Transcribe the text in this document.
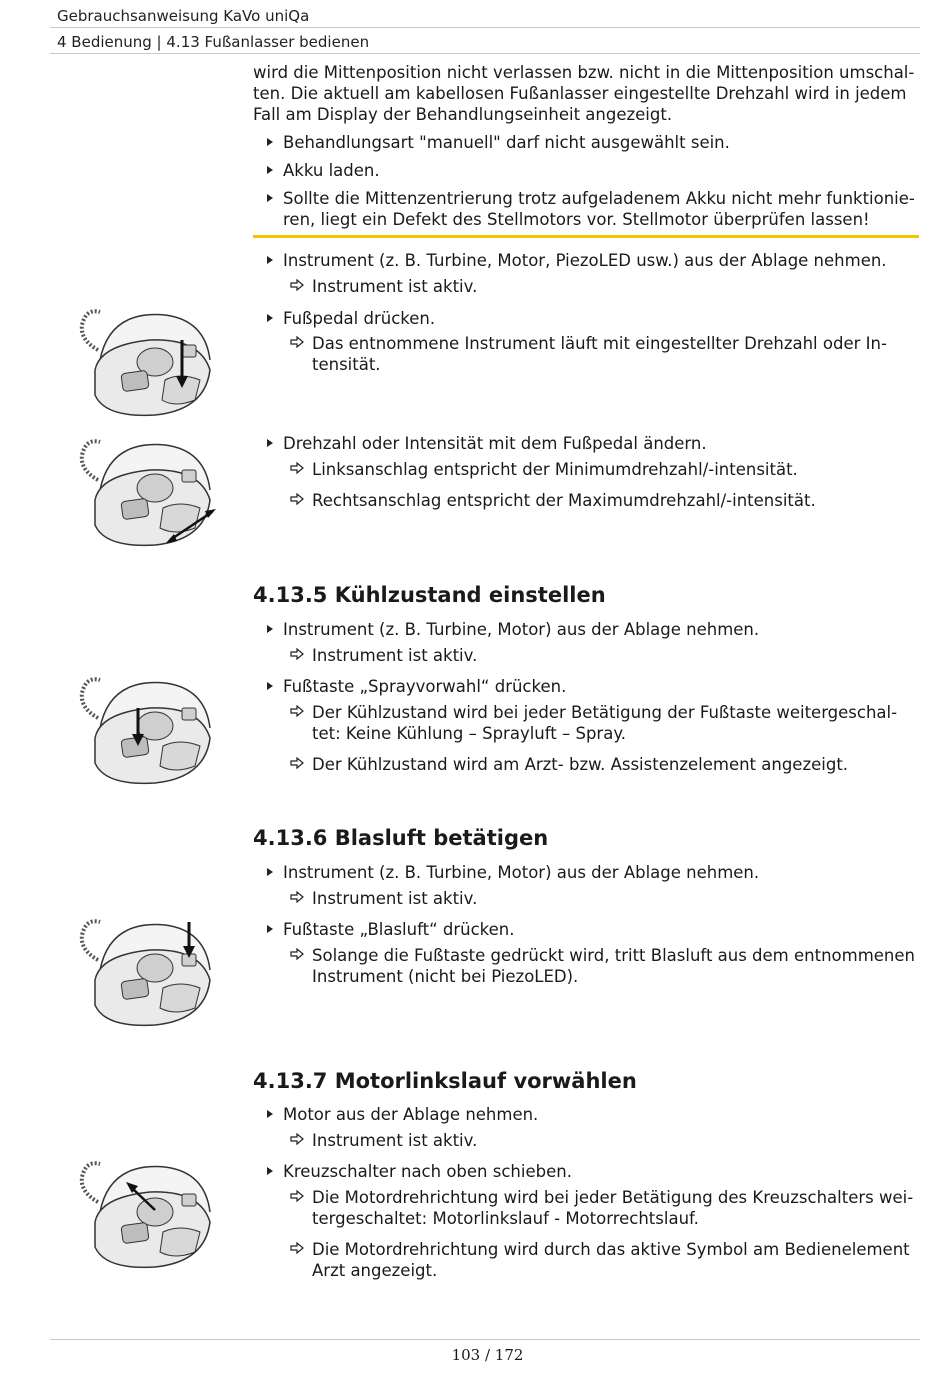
Gebrauchsanweisung KaVo uniQa
4 Bedienung | 4.13 Fußanlasser bedienen

wird die Mittenposition nicht verlassen bzw. nicht in die Mittenposition umschalten. Die aktuell am kabellosen Fußanlasser eingestellte Drehzahl wird in jedem Fall am Display der Behandlungseinheit angezeigt.

Behandlungsart "manuell" darf nicht ausgewählt sein.
Akku laden.
Sollte die Mittenzentrierung trotz aufgeladenem Akku nicht mehr funktionieren, liegt ein Defekt des Stellmotors vor. Stellmotor überprüfen lassen!
Instrument (z. B. Turbine, Motor, PiezoLED usw.) aus der Ablage nehmen.
Instrument ist aktiv.
Fußpedal drücken.
Das entnommene Instrument läuft mit eingestellter Drehzahl oder Intensität.
Drehzahl oder Intensität mit dem Fußpedal ändern.
Linksanschlag entspricht der Minimumdrehzahl/-intensität.
Rechtsanschlag entspricht der Maximumdrehzahl/-intensität.
4.13.5 Kühlzustand einstellen
Instrument (z. B. Turbine, Motor) aus der Ablage nehmen.
Instrument ist aktiv.
Fußtaste „Sprayvorwahl“ drücken.
Der Kühlzustand wird bei jeder Betätigung der Fußtaste weitergeschaltet: Keine Kühlung – Sprayluft – Spray.
Der Kühlzustand wird am Arzt- bzw. Assistenzelement angezeigt.
4.13.6 Blasluft betätigen
Instrument (z. B. Turbine, Motor) aus der Ablage nehmen.
Instrument ist aktiv.
Fußtaste „Blasluft“ drücken.
Solange die Fußtaste gedrückt wird, tritt Blasluft aus dem entnommenen Instrument (nicht bei PiezoLED).
4.13.7 Motorlinkslauf vorwählen
Motor aus der Ablage nehmen.
Instrument ist aktiv.
Kreuzschalter nach oben schieben.
Die Motordrehrichtung wird bei jeder Betätigung des Kreuzschalters weitergeschaltet: Motorlinkslauf - Motorrechtslauf.
Die Motordrehrichtung wird durch das aktive Symbol am Bedienelement Arzt angezeigt.
103 / 172
